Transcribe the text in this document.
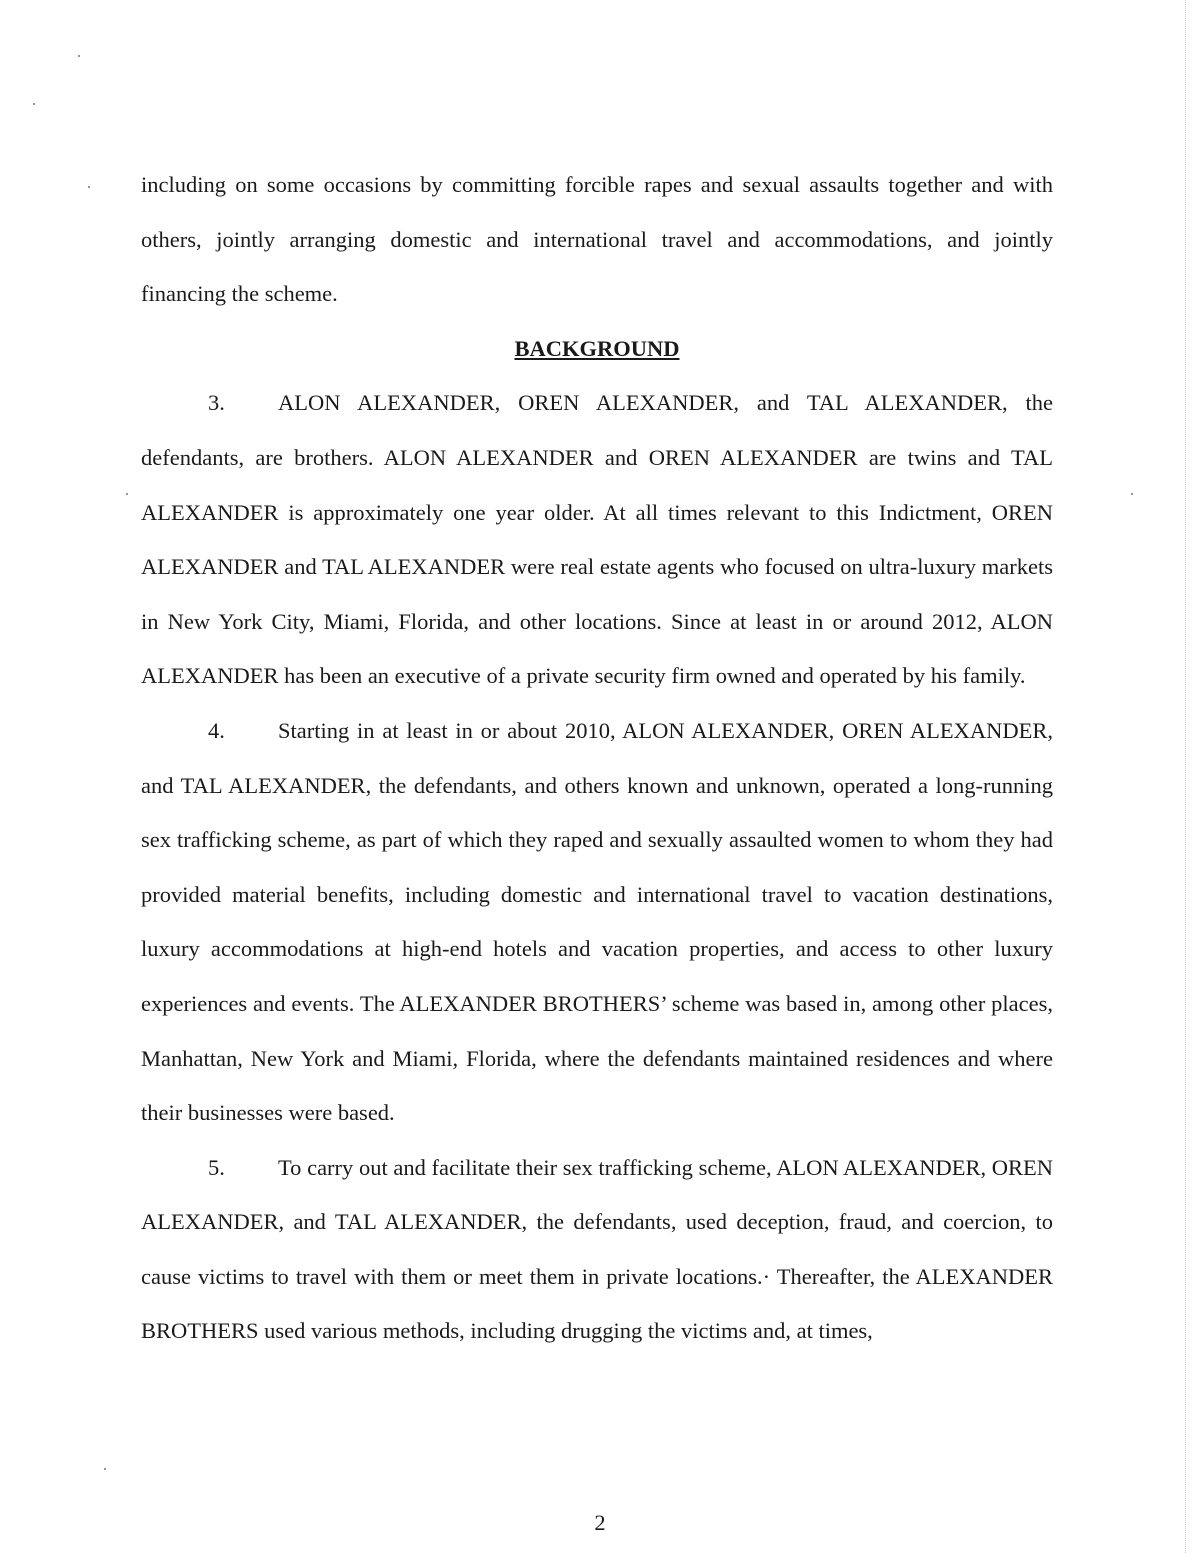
including on some occasions by committing forcible rapes and sexual assaults together and with others, jointly arranging domestic and international travel and accommodations, and jointly financing the scheme.

BACKGROUND

3. ALON ALEXANDER, OREN ALEXANDER, and TAL ALEXANDER, the defendants, are brothers. ALON ALEXANDER and OREN ALEXANDER are twins and TAL ALEXANDER is approximately one year older. At all times relevant to this Indictment, OREN ALEXANDER and TAL ALEXANDER were real estate agents who focused on ultra-luxury markets in New York City, Miami, Florida, and other locations. Since at least in or around 2012, ALON ALEXANDER has been an executive of a private security firm owned and operated by his family.

4. Starting in at least in or about 2010, ALON ALEXANDER, OREN ALEXANDER, and TAL ALEXANDER, the defendants, and others known and unknown, operated a long-running sex trafficking scheme, as part of which they raped and sexually assaulted women to whom they had provided material benefits, including domestic and international travel to vacation destinations, luxury accommodations at high-end hotels and vacation properties, and access to other luxury experiences and events. The ALEXANDER BROTHERS’ scheme was based in, among other places, Manhattan, New York and Miami, Florida, where the defendants maintained residences and where their businesses were based.

5. To carry out and facilitate their sex trafficking scheme, ALON ALEXANDER, OREN ALEXANDER, and TAL ALEXANDER, the defendants, used deception, fraud, and coercion, to cause victims to travel with them or meet them in private locations.· Thereafter, the ALEXANDER BROTHERS used various methods, including drugging the victims and, at times,

2
